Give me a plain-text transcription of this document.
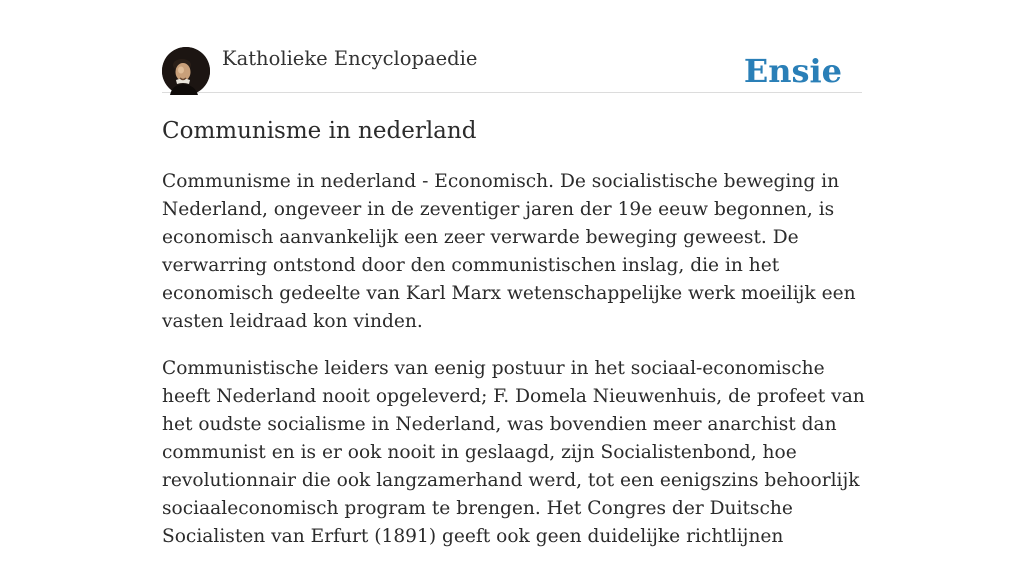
Katholieke Encyclopaedie	Ensie
Communisme in nederland

Communisme in nederland - Economisch. De socialistische beweging in Nederland, ongeveer in de zeventiger jaren der 19e eeuw begonnen, is economisch aanvankelijk een zeer verwarde beweging geweest. De verwarring ontstond door den communistischen inslag, die in het economisch gedeelte van Karl Marx wetenschappelijke werk moeilijk een vasten leidraad kon vinden.

Communistische leiders van eenig postuur in het sociaal-economische heeft Nederland nooit opgeleverd; F. Domela Nieuwenhuis, de profeet van het oudste socialisme in Nederland, was bovendien meer anarchist dan communist en is er ook nooit in geslaagd, zijn Socialistenbond, hoe revolutionnair die ook langzamerhand werd, tot een eenigszins behoorlijk sociaaleconomisch program te brengen. Het Congres der Duitsche Socialisten van Erfurt (1891) geeft ook geen duidelijke richtlijnen
